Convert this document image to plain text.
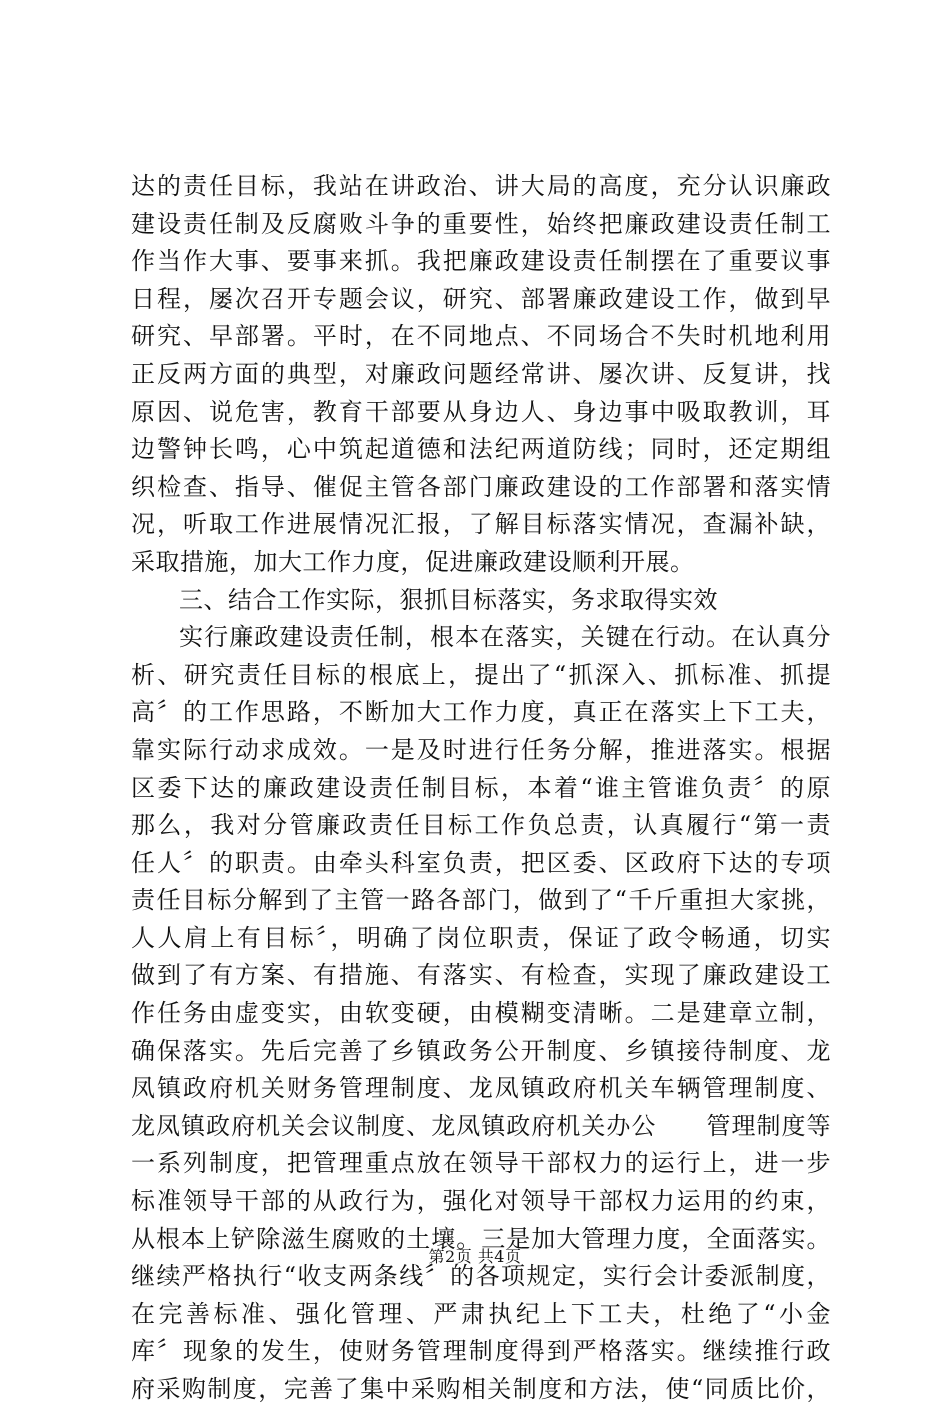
达的责任目标，我站在讲政治、讲大局的高度，充分认识廉政
建设责任制及反腐败斗争的重要性，始终把廉政建设责任制工
作当作大事、要事来抓。我把廉政建设责任制摆在了重要议事
日程，屡次召开专题会议，研究、部署廉政建设工作，做到早
研究、早部署。平时，在不同地点、不同场合不失时机地利用
正反两方面的典型，对廉政问题经常讲、屡次讲、反复讲，找
原因、说危害，教育干部要从身边人、身边事中吸取教训，耳
边警钟长鸣，心中筑起道德和法纪两道防线；同时，还定期组
织检查、指导、催促主管各部门廉政建设的工作部署和落实情
况，听取工作进展情况汇报，了解目标落实情况，查漏补缺，
采取措施，加大工作力度，促进廉政建设顺利开展。
三、结合工作实际，狠抓目标落实，务求取得实效
实行廉政建设责任制，根本在落实，关键在行动。在认真分
析、研究责任目标的根底上，提出了“抓深入、抓标准、抓提
高〞的工作思路，不断加大工作力度，真正在落实上下工夫，
靠实际行动求成效。一是及时进行任务分解，推进落实。根据
区委下达的廉政建设责任制目标，本着“谁主管谁负责〞的原
那么，我对分管廉政责任目标工作负总责，认真履行“第一责
任人〞的职责。由牵头科室负责，把区委、区政府下达的专项
责任目标分解到了主管一路各部门，做到了“千斤重担大家挑，
人人肩上有目标〞，明确了岗位职责，保证了政令畅通，切实
做到了有方案、有措施、有落实、有检查，实现了廉政建设工
作任务由虚变实，由软变硬，由模糊变清晰。二是建章立制，
确保落实。先后完善了乡镇政务公开制度、乡镇接待制度、龙
凤镇政府机关财务管理制度、龙凤镇政府机关车辆管理制度、
龙凤镇政府机关会议制度、龙凤镇政府机关办公　　管理制度等
一系列制度，把管理重点放在领导干部权力的运行上，进一步
标准领导干部的从政行为，强化对领导干部权力运用的约束，
从根本上铲除滋生腐败的土壤。三是加大管理力度，全面落实。
继续严格执行“收支两条线〞的各项规定，实行会计委派制度，
在完善标准、强化管理、严肃执纪上下工夫，杜绝了“小金
库〞现象的发生，使财务管理制度得到严格落实。继续推行政
府采购制度，完善了集中采购相关制度和方法，使“同质比价，
第2页 共4页
